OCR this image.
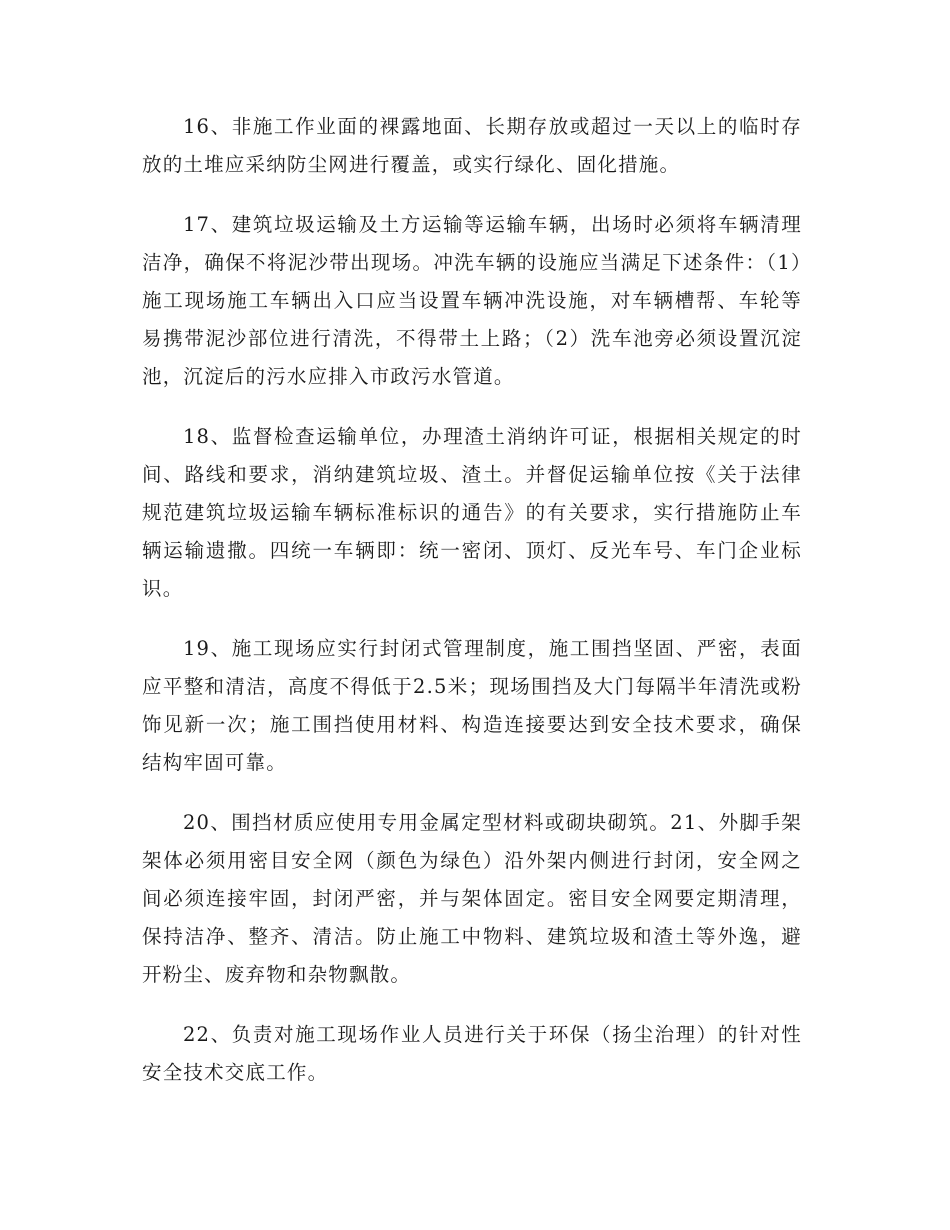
16、非施工作业面的裸露地面、长期存放或超过一天以上的临时存放的土堆应采纳防尘网进行覆盖，或实行绿化、固化措施。

17、建筑垃圾运输及土方运输等运输车辆，出场时必须将车辆清理洁净，确保不将泥沙带出现场。冲洗车辆的设施应当满足下述条件：（1）施工现场施工车辆出入口应当设置车辆冲洗设施，对车辆槽帮、车轮等易携带泥沙部位进行清洗，不得带土上路；（2）洗车池旁必须设置沉淀池，沉淀后的污水应排入市政污水管道。

18、监督检查运输单位，办理渣土消纳许可证，根据相关规定的时间、路线和要求，消纳建筑垃圾、渣土。并督促运输单位按《关于法律规范建筑垃圾运输车辆标准标识的通告》的有关要求，实行措施防止车辆运输遗撒。四统一车辆即：统一密闭、顶灯、反光车号、车门企业标识。

19、施工现场应实行封闭式管理制度，施工围挡坚固、严密，表面应平整和清洁，高度不得低于2.5米；现场围挡及大门每隔半年清洗或粉饰见新一次；施工围挡使用材料、构造连接要达到安全技术要求，确保结构牢固可靠。

20、围挡材质应使用专用金属定型材料或砌块砌筑。21、外脚手架架体必须用密目安全网（颜色为绿色）沿外架内侧进行封闭，安全网之间必须连接牢固，封闭严密，并与架体固定。密目安全网要定期清理，保持洁净、整齐、清洁。防止施工中物料、建筑垃圾和渣土等外逸，避开粉尘、废弃物和杂物飘散。

22、负责对施工现场作业人员进行关于环保（扬尘治理）的针对性安全技术交底工作。
